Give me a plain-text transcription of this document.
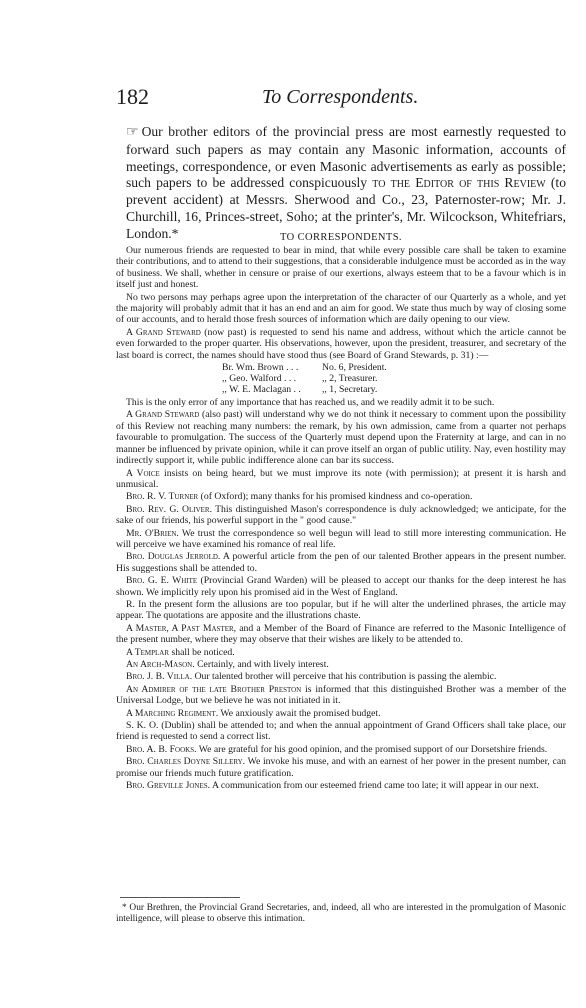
182	To Correspondents.
☞ Our brother editors of the provincial press are most earnestly requested to forward such papers as may contain any Masonic information, accounts of meetings, correspondence, or even Masonic advertisements as early as possible; such papers to be addressed conspicuously to the Editor of this Review (to prevent accident) at Messrs. Sherwood and Co., 23, Paternoster-row; Mr. J. Churchill, 16, Princes-street, Soho; at the printer's, Mr. Wilcockson, Whitefriars, London.*	TO CORRESPONDENTS.

Our numerous friends are requested to bear in mind, that while every possible care shall be taken to examine their contributions, and to attend to their suggestions, that a considerable indulgence must be accorded as in the way of business. We shall, whether in censure or praise of our exertions, always esteem that to be a favour which is in itself just and honest.

No two persons may perhaps agree upon the interpretation of the character of our Quarterly as a whole, and yet the majority will probably admit that it has an end and an aim for good. We state thus much by way of closing some of our accounts, and to herald those fresh sources of information which are daily opening to our view.

A Grand Steward (now past) is requested to send his name and address, without which the article cannot be even forwarded to the proper quarter. His observations, however, upon the president, treasurer, and secretary of the last board is correct, the names should have stood thus (see Board of Grand Stewards, p. 31) :—

Br. Wm. Brown . . .	No. 6, President.
,, Geo. Walford . . .	,, 2, Treasurer.
,, W. E. Maclagan . .	,, 1, Secretary.

This is the only error of any importance that has reached us, and we readily admit it to be such.

A Grand Steward (also past) will understand why we do not think it necessary to comment upon the possibility of this Review not reaching many numbers: the remark, by his own admission, came from a quarter not perhaps favourable to promulgation. The success of the Quarterly must depend upon the Fraternity at large, and can in no manner be influenced by private opinion, while it can prove itself an organ of public utility. Nay, even hostility may indirectly support it, while public indifference alone can bar its success.

A Voice insists on being heard, but we must improve its note (with permission); at present it is harsh and unmusical.

Bro. R. V. Turner (of Oxford); many thanks for his promised kindness and co-operation.

Bro. Rev. G. Oliver. This distinguished Mason's correspondence is duly acknowledged; we anticipate, for the sake of our friends, his powerful support in the " good cause."

Mr. O'Brien. We trust the correspondence so well begun will lead to still more interesting communication. He will perceive we have examined his romance of real life.

Bro. Douglas Jerrold. A powerful article from the pen of our talented Brother appears in the present number. His suggestions shall be attended to.

Bro. G. E. White (Provincial Grand Warden) will be pleased to accept our thanks for the deep interest he has shown. We implicitly rely upon his promised aid in the West of England.

R. In the present form the allusions are too popular, but if he will alter the underlined phrases, the article may appear. The quotations are apposite and the illustrations chaste.

A Master, A Past Master, and a Member of the Board of Finance are referred to the Masonic Intelligence of the present number, where they may observe that their wishes are likely to be attended to.

A Templar shall be noticed.

An Arch-Mason. Certainly, and with lively interest.

Bro. J. B. Villa. Our talented brother will perceive that his contribution is passing the alembic.

An Admirer of the late Brother Preston is informed that this distinguished Brother was a member of the Universal Lodge, but we believe he was not initiated in it.

A Marching Regiment. We anxiously await the promised budget.

S. K. O. (Dublin) shall be attended to; and when the annual appointment of Grand Officers shall take place, our friend is requested to send a correct list.

Bro. A. B. Fooks. We are grateful for his good opinion, and the promised support of our Dorsetshire friends.

Bro. Charles Doyne Sillery. We invoke his muse, and with an earnest of her power in the present number, can promise our friends much future gratification.

Bro. Greville Jones. A communication from our esteemed friend came too late; it will appear in our next.

* Our Brethren, the Provincial Grand Secretaries, and, indeed, all who are interested in the promulgation of Masonic intelligence, will please to observe this intimation.
